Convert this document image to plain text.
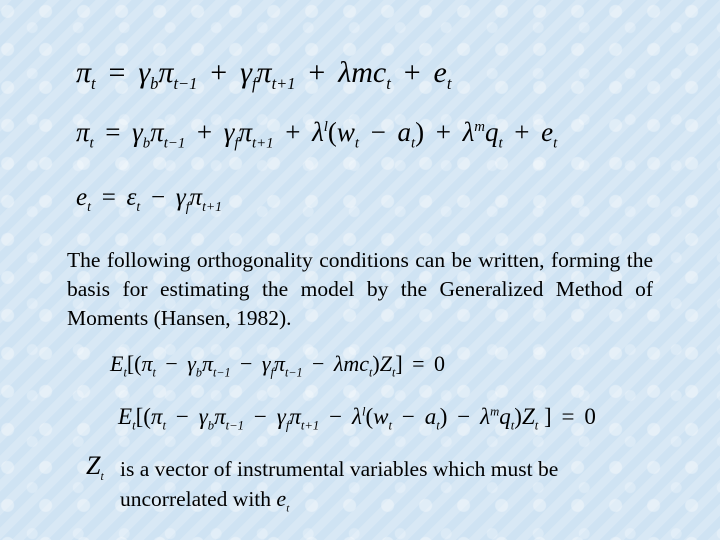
$\pi_t = \gamma_b\pi_{t-1} + \gamma_f\pi_{t+1} + \lambda mc_t + e_t$
$\pi_t = \gamma_b\pi_{t-1} + \gamma_f\pi_{t+1} + \lambda^l(w_t - a_t) + \lambda^mq_t + e_t$
$e_t = \varepsilon_t - \gamma_f\pi_{t+1}$

The following orthogonality conditions can be written, forming the basis for estimating the model by the Generalized Method of Moments (Hansen, 1982).

$E_t[(\pi_t - \gamma_b\pi_{t-1} - \gamma_f\pi_{t-1} - \lambda mc_t)Z_t] = 0$
$E_t[(\pi_t - \gamma_b\pi_{t-1} - \gamma_f\pi_{t+1} - \lambda^l(w_t - a_t) - \lambda^mq_t)Z_t$ ] = 0
$Z_t$ is a vector of instrumental variables which must be
uncorrelated with $e_t$
